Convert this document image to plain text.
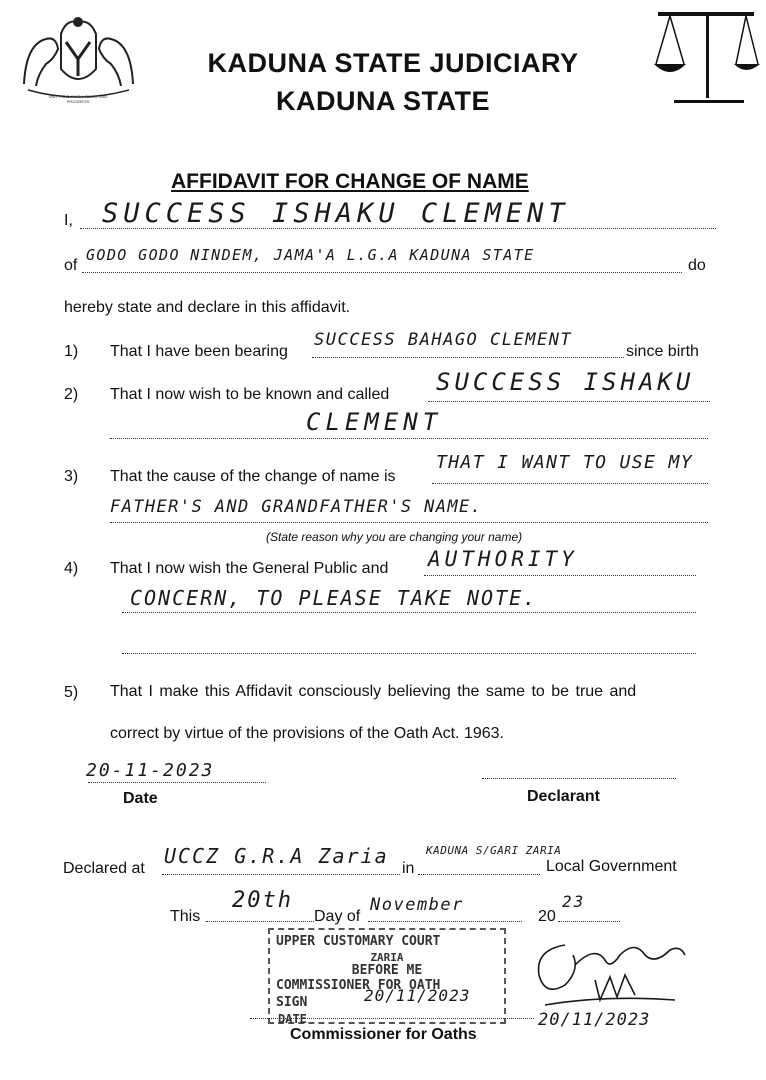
UNITY AND FAITH, PEACE AND PROGRESS
KADUNA STATE JUDICIARY
KADUNA STATE
AFFIDAVIT FOR CHANGE OF NAME
I, SUCCESS ISHAKU CLEMENT
of
GODO GODO NINDEM, JAMA'A L.G.A KADUNA STATE
do
hereby state and declare in this affidavit.
1) That I have been bearing
SUCCESS BAHAGO CLEMENT
since birth
2) That I now wish to be known and called SUCCESS ISHAKU
CLEMENT
3) That the cause of the change of name is
THAT I WANT TO USE MY
FATHER'S AND GRANDFATHER'S NAME.
(State reason why you are changing your name)
4) That I now wish the General Public and AUTHORITY
CONCERN, TO PLEASE TAKE NOTE.
5) That I make this Affidavit consciously believing the same to be true and
correct by virtue of the provisions of the Oath Act. 1963.
20-11-2023
Date	Declarant
Declared at
UCCZ G.R.A Zaria
in
KADUNA S/GARI ZARIA
Local Government
This
20th
Day of
November
20
23
UPPER CUSTOMARY COURT
ZARIA
BEFORE ME
COMMISSIONER FOR OATH
SIGN	20/11/2023
DATE
Commissioner for Oaths
20/11/2023
